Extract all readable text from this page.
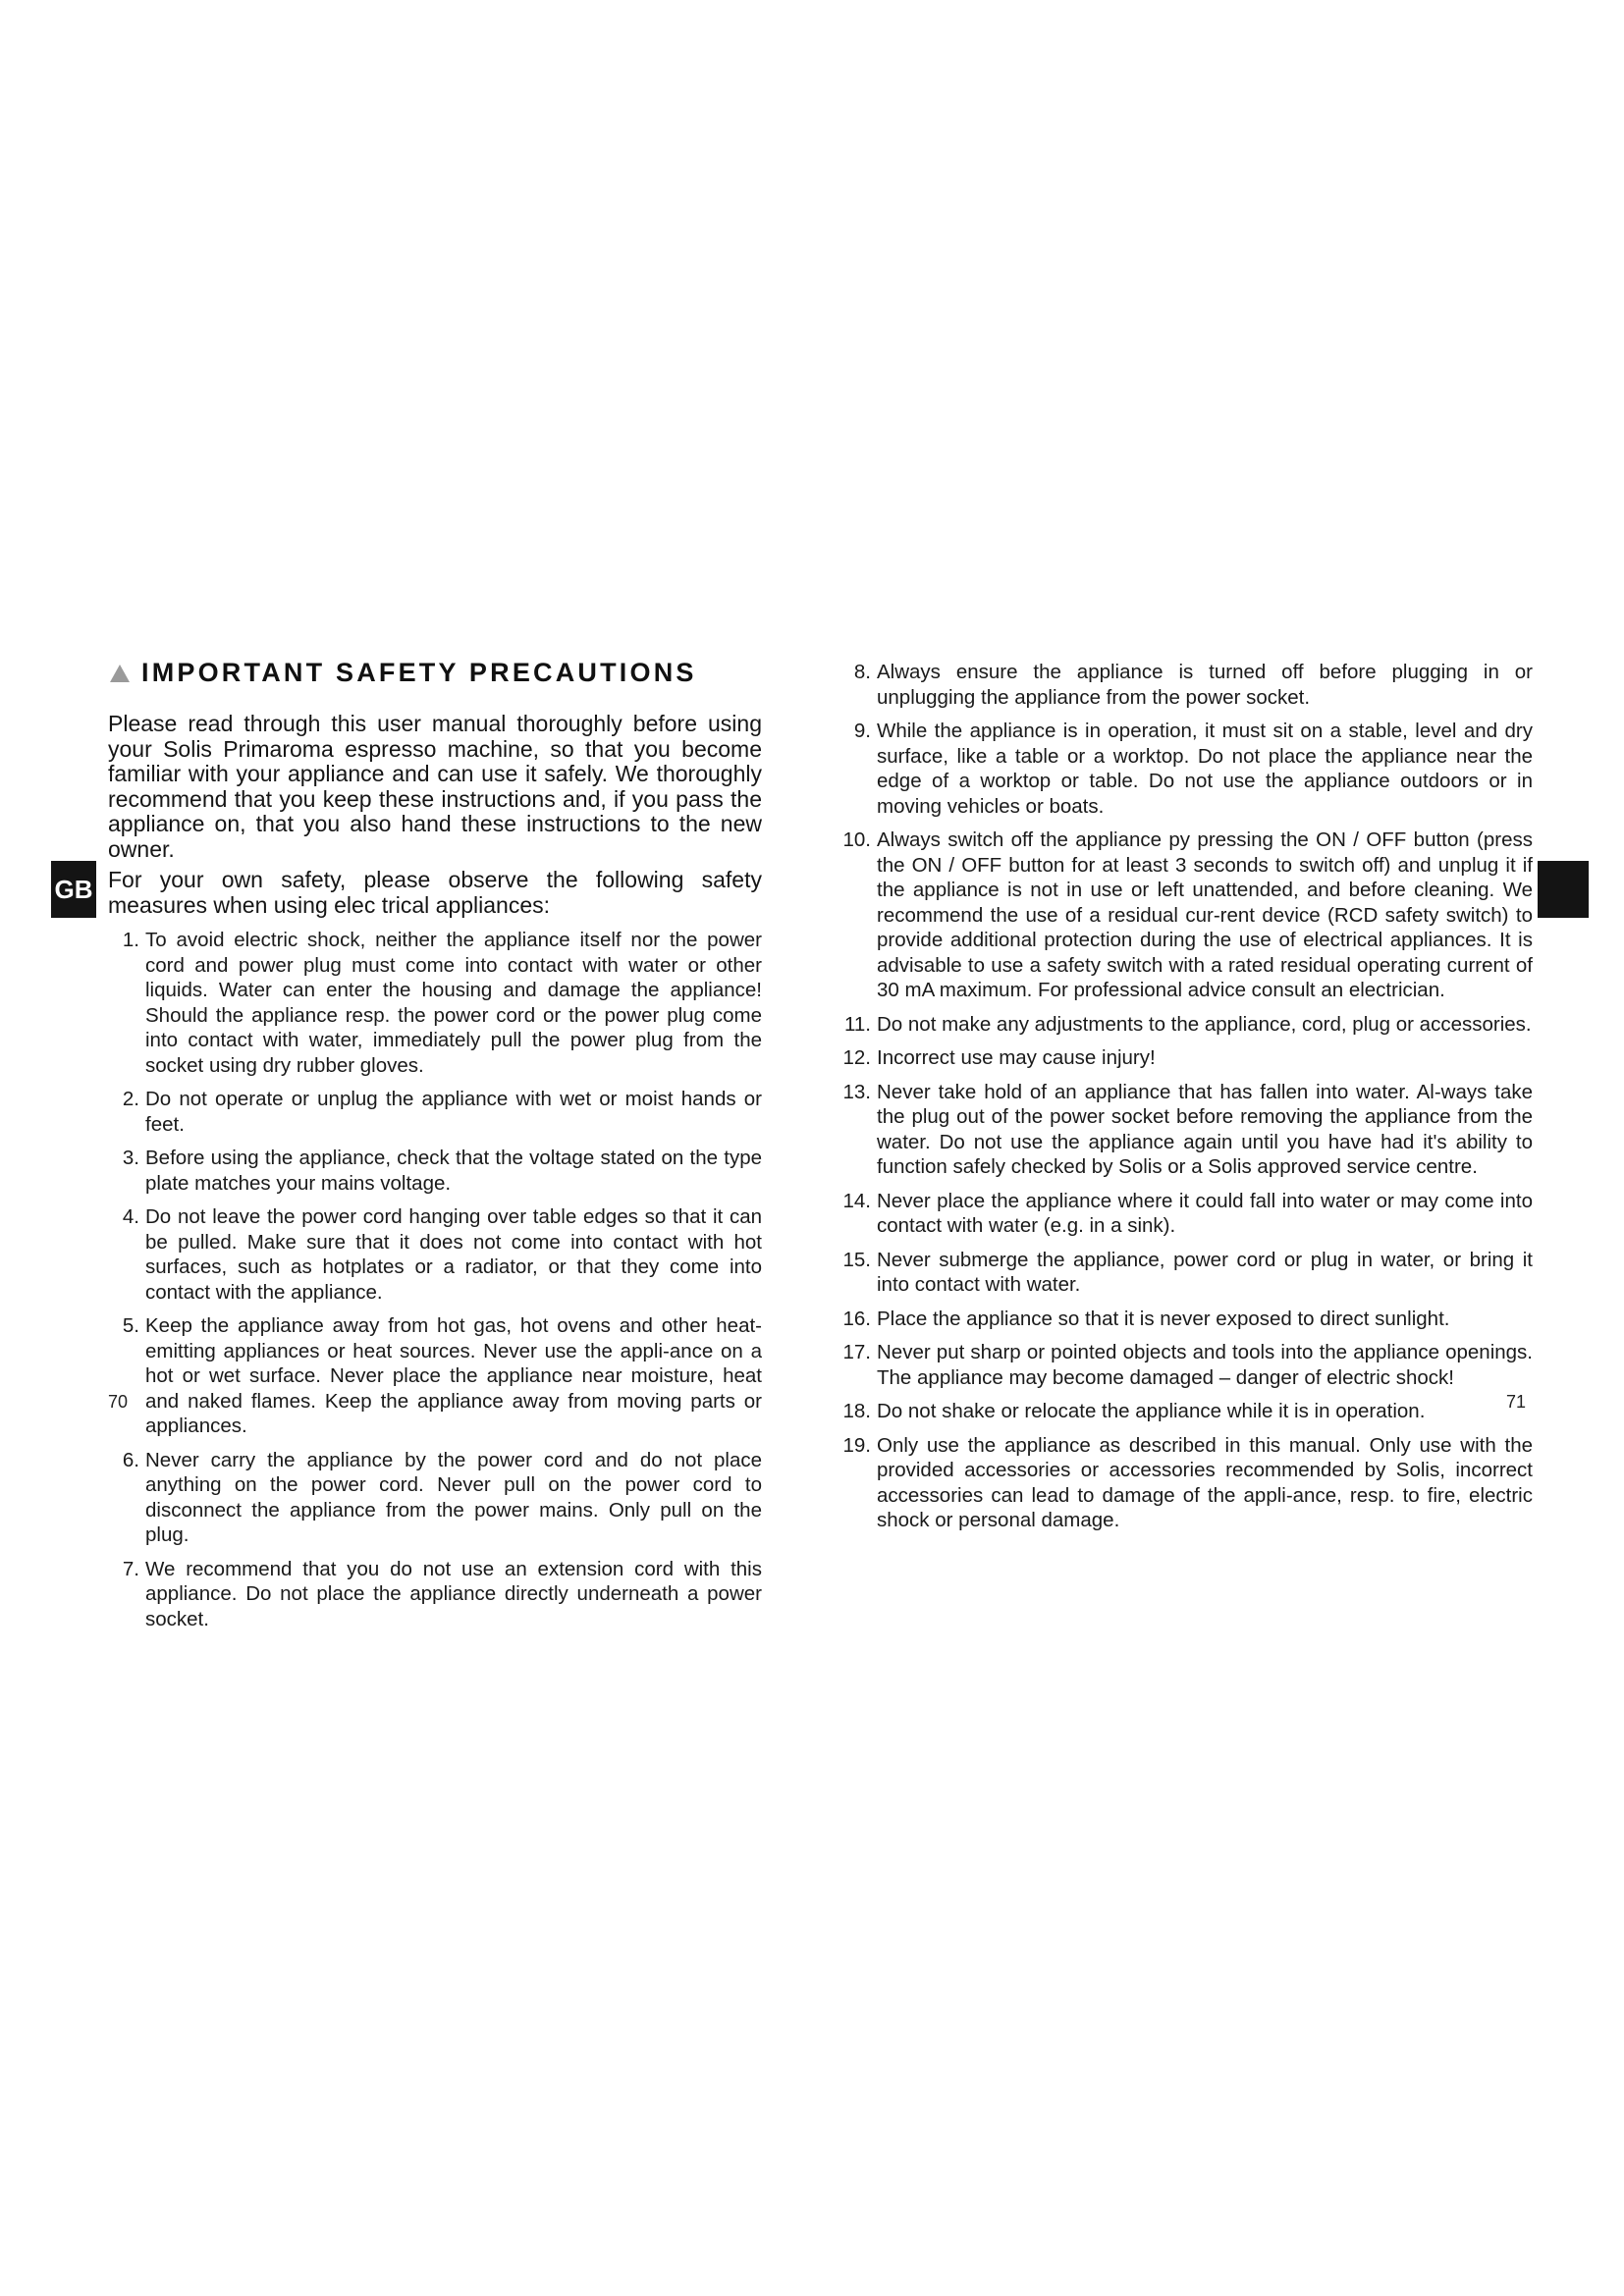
GB
IMPORTANT SAFETY PRECAUTIONS

Please read through this user manual thoroughly before using your Solis Primaroma espresso machine, so that you become familiar with your appliance and can use it safely. We thoroughly recommend that you keep these instructions and, if you pass the appliance on, that you also hand these instructions to the new owner.

For your own safety, please observe the following safety measures when using elec trical appliances:

1. To avoid electric shock, neither the appliance itself nor the power cord and power plug must come into contact with water or other liquids. Water can enter the housing and damage the appliance! Should the appliance resp. the power cord or the power plug come into contact with water, immediately pull the power plug from the socket using dry rubber gloves.
2. Do not operate or unplug the appliance with wet or moist hands or feet.
3. Before using the appliance, check that the voltage stated on the type plate matches your mains voltage.
4. Do not leave the power cord hanging over table edges so that it can be pulled. Make sure that it does not come into contact with hot surfaces, such as hotplates or a radiator, or that they come into contact with the appliance.
5. Keep the appliance away from hot gas, hot ovens and other heat-emitting appliances or heat sources. Never use the appli-ance on a hot or wet surface. Never place the appliance near moisture, heat and naked flames. Keep the appliance away from moving parts or appliances.
6. Never carry the appliance by the power cord and do not place anything on the power cord. Never pull on the power cord to disconnect the appliance from the power mains. Only pull on the plug.
7. We recommend that you do not use an extension cord with this appliance. Do not place the appliance directly underneath a power socket.
70
8. Always ensure the appliance is turned off before plugging in or unplugging the appliance from the power socket.
9. While the appliance is in operation, it must sit on a stable, level and dry surface, like a table or a worktop. Do not place the appliance near the edge of a worktop or table. Do not use the appliance outdoors or in moving vehicles or boats.
10. Always switch off the appliance py pressing the ON / OFF button (press the ON / OFF button for at least 3 seconds to switch off) and unplug it if the appliance is not in use or left unattended, and before cleaning. We recommend the use of a residual cur-rent device (RCD safety switch) to provide additional protection during the use of electrical appliances. It is advisable to use a safety switch with a rated residual operating current of 30 mA maximum. For professional advice consult an electrician.
11. Do not make any adjustments to the appliance, cord, plug or accessories.
12. Incorrect use may cause injury!
13. Never take hold of an appliance that has fallen into water. Al-ways take the plug out of the power socket before removing the appliance from the water. Do not use the appliance again until you have had it's ability to function safely checked by Solis or a Solis approved service centre.
14. Never place the appliance where it could fall into water or may come into contact with water (e.g. in a sink).
15. Never submerge the appliance, power cord or plug in water, or bring it into contact with water.
16. Place the appliance so that it is never exposed to direct sunlight.
17. Never put sharp or pointed objects and tools into the appliance openings. The appliance may become damaged – danger of electric shock!
18. Do not shake or relocate the appliance while it is in operation.
19. Only use the appliance as described in this manual. Only use with the provided accessories or accessories recommended by Solis, incorrect accessories can lead to damage of the appli-ance, resp. to fire, electric shock or personal damage.
71
